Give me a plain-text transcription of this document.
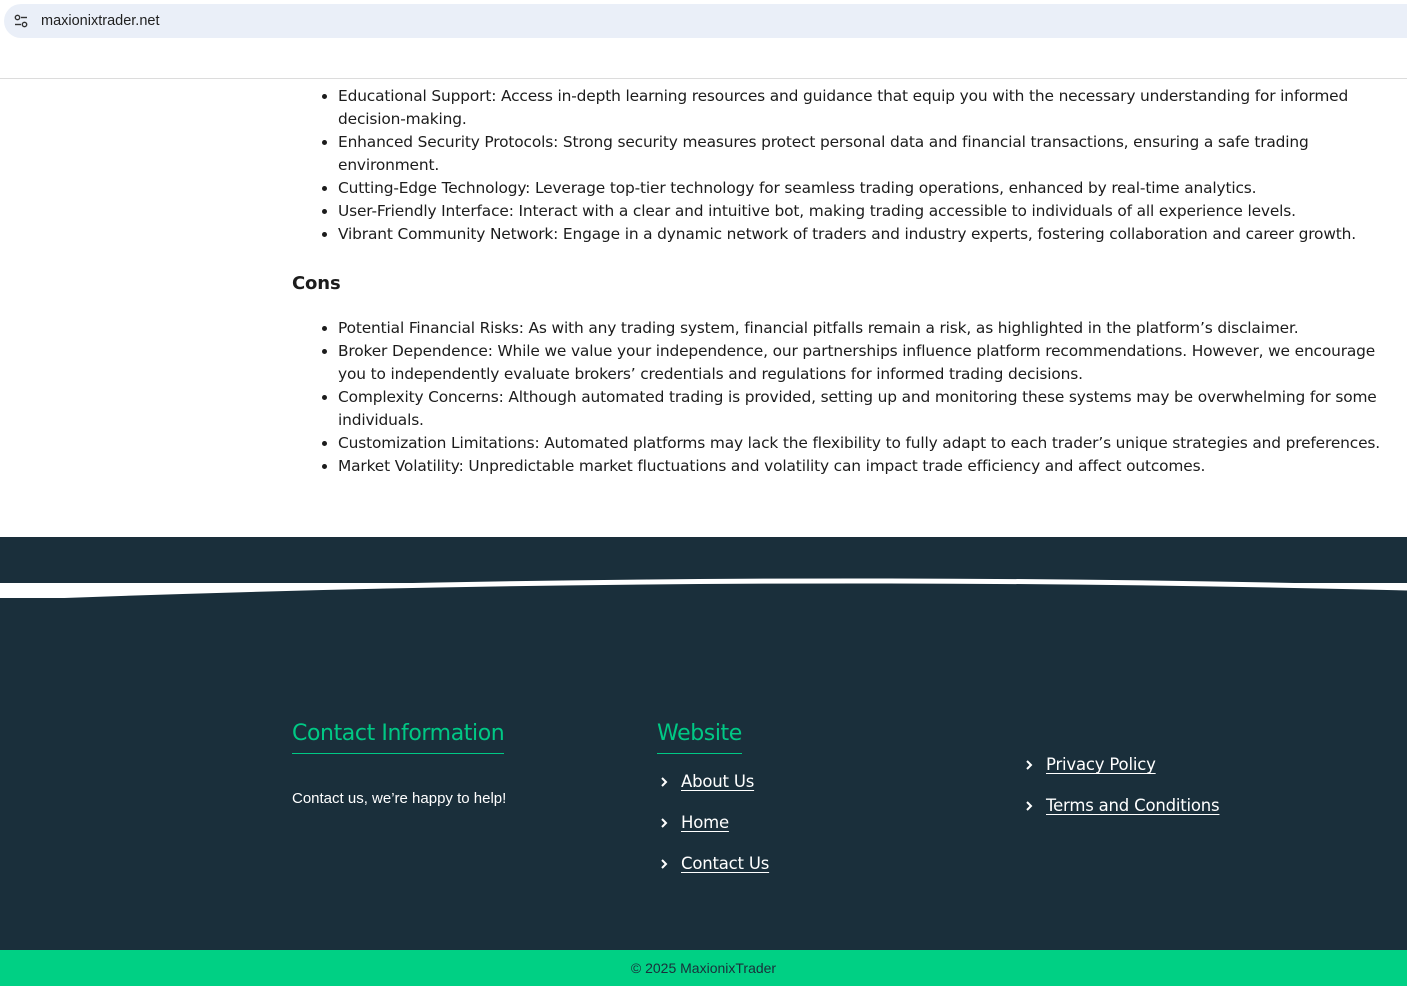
maxionixtrader.net
• Educational Support: Access in-depth learning resources and guidance that equip you with the necessary understanding for informed decision-making.
• Enhanced Security Protocols: Strong security measures protect personal data and financial transactions, ensuring a safe trading environment.
• Cutting-Edge Technology: Leverage top-tier technology for seamless trading operations, enhanced by real-time analytics.
• User-Friendly Interface: Interact with a clear and intuitive bot, making trading accessible to individuals of all experience levels.
• Vibrant Community Network: Engage in a dynamic network of traders and industry experts, fostering collaboration and career growth.
Cons
• Potential Financial Risks: As with any trading system, financial pitfalls remain a risk, as highlighted in the platform’s disclaimer.
• Broker Dependence: While we value your independence, our partnerships influence platform recommendations. However, we encourage you to independently evaluate brokers’ credentials and regulations for informed trading decisions.
• Complexity Concerns: Although automated trading is provided, setting up and monitoring these systems may be overwhelming for some individuals.
• Customization Limitations: Automated platforms may lack the flexibility to fully adapt to each trader’s unique strategies and preferences.
• Market Volatility: Unpredictable market fluctuations and volatility can impact trade efficiency and affect outcomes.
Contact Information
Contact us, we’re happy to help!
Website
About Us
Home
Contact Us
Privacy Policy
Terms and Conditions
© 2025 MaxionixTrader
